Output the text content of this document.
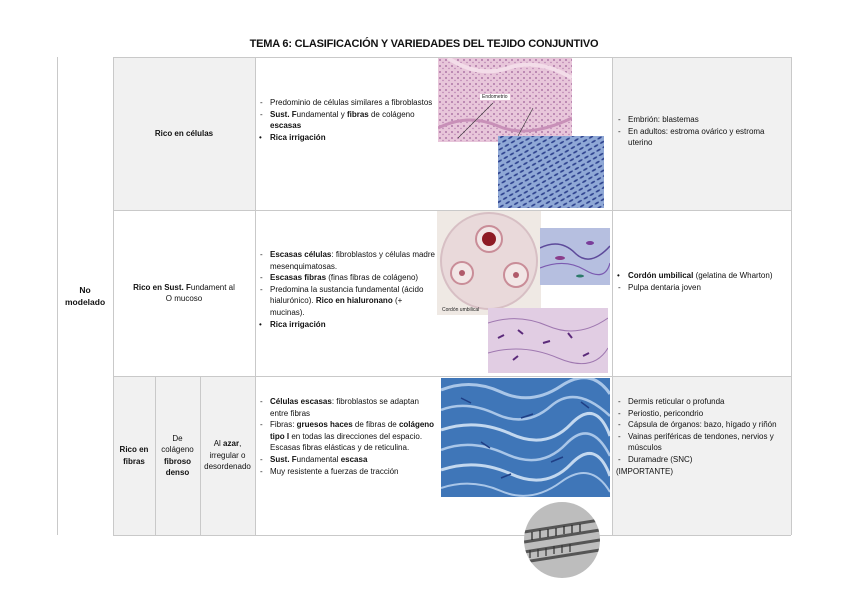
TEMA 6: CLASIFICACIÓN Y VARIEDADES DEL TEJIDO CONJUNTIVO
No modelado
Rico en células
- Predominio de células similares a fibroblastos
- Sust. Fundamental y fibras de colágeno escasas
• Rica irrigación
Endometrio
- Embrión: blastemas
- En adultos: estroma ovárico y estroma uterino
Rico en Sust. Fundament al
O mucoso
- Escasas células: fibroblastos y células madre mesenquimatosas.
- Escasas fibras (finas fibras de colágeno)
- Predomina la sustancia fundamental (ácido hialurónico). Rico en hialuronano (+ mucinas).
• Rica irrigación
Cordón umbilical
• Cordón umbilical (gelatina de Wharton)
- Pulpa dentaria joven
Rico en fibras
De colágeno
fibroso denso
Al azar, irregular o desordenado
- Células escasas: fibroblastos se adaptan entre fibras
- Fibras: gruesos haces de fibras de colágeno tipo I en todas las direcciones del espacio. Escasas fibras elásticas y de reticulina.
- Sust. Fundamental escasa
- Muy resistente a fuerzas de tracción
- Dermis reticular o profunda
- Periostio, pericondrio
- Cápsula de órganos: bazo, hígado y riñón
- Vainas periféricas de tendones, nervios y músculos
- Duramadre (SNC)
(IMPORTANTE)
